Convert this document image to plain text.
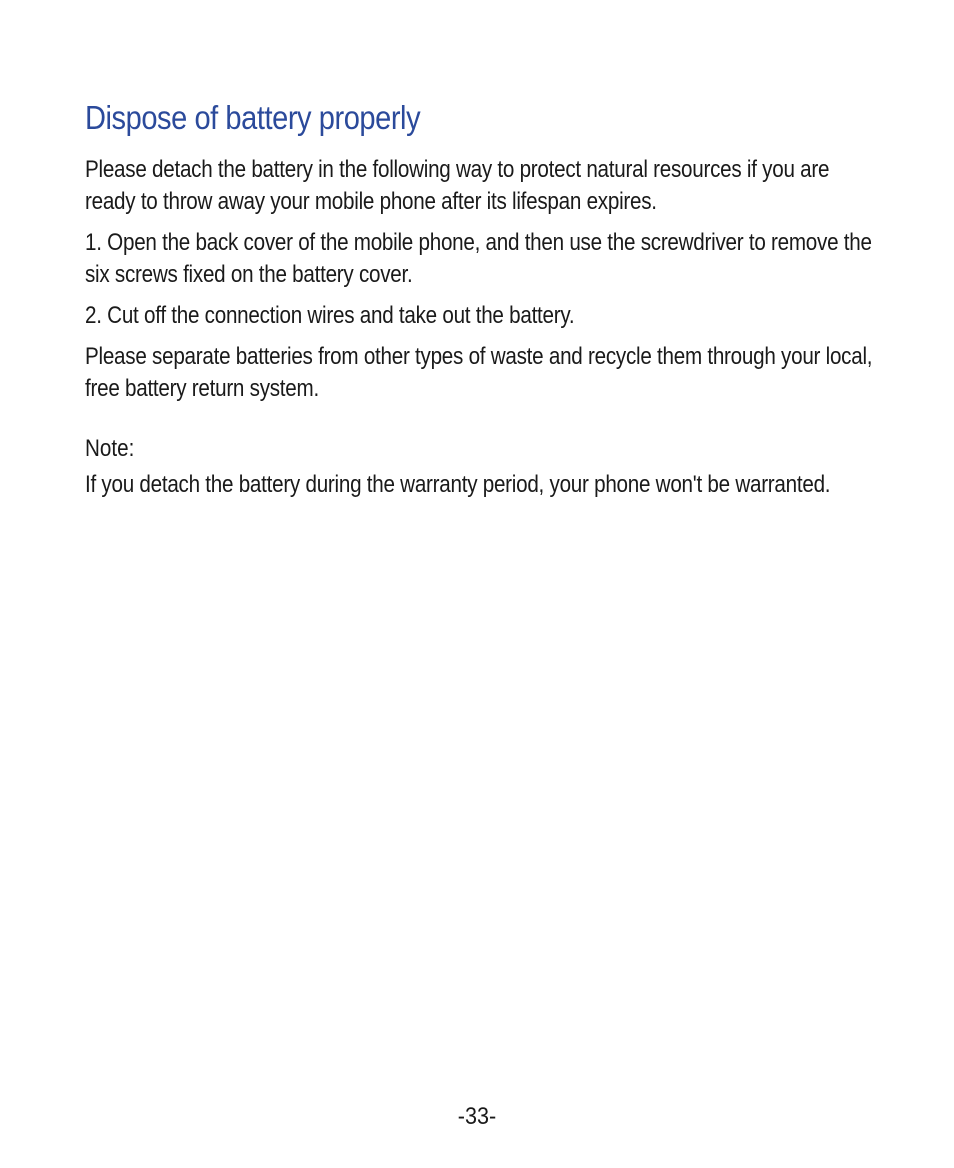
Dispose of battery properly

Please detach the battery in the following way to protect natural resources if you are ready to throw away your mobile phone after its lifespan expires.

1. Open the back cover of the mobile phone, and then use the screwdriver to remove the six screws fixed on the battery cover.

2. Cut off the connection wires and take out the battery.

Please separate batteries from other types of waste and recycle them through your local, free battery return system.

Note:

If you detach the battery during the warranty period, your phone won't be warranted.

-33-
